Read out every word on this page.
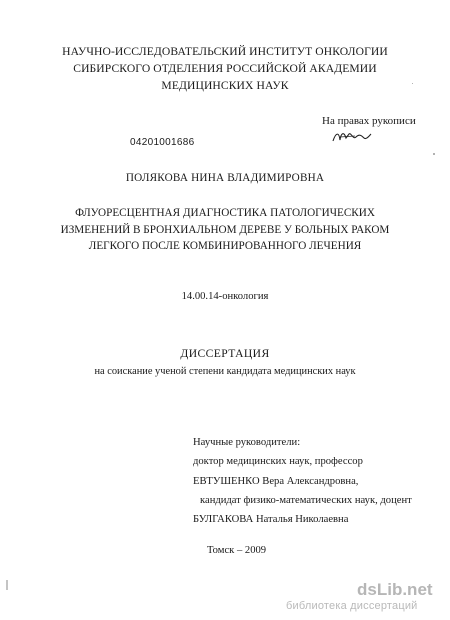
НАУЧНО-ИССЛЕДОВАТЕЛЬСКИЙ ИНСТИТУТ ОНКОЛОГИИ
СИБИРСКОГО ОТДЕЛЕНИЯ РОССИЙСКОЙ АКАДЕМИИ
МЕДИЦИНСКИХ НАУК
На правах рукописи
04201001686
ПОЛЯКОВА НИНА ВЛАДИМИРОВНА
ФЛУОРЕСЦЕНТНАЯ ДИАГНОСТИКА ПАТОЛОГИЧЕСКИХ
ИЗМЕНЕНИЙ В БРОНХИАЛЬНОМ ДЕРЕВЕ У БОЛЬНЫХ РАКОМ
ЛЕГКОГО ПОСЛЕ КОМБИНИРОВАННОГО ЛЕЧЕНИЯ
14.00.14-онкология
ДИССЕРТАЦИЯ
на соискание ученой степени кандидата медицинских наук
Научные руководители:
доктор медицинских наук, профессор
ЕВТУШЕНКО Вера Александровна,
кандидат физико-математических наук, доцент
БУЛГАКОВА Наталья Николаевна
Томск – 2009
dsLib.net
библиотека диссертаций
